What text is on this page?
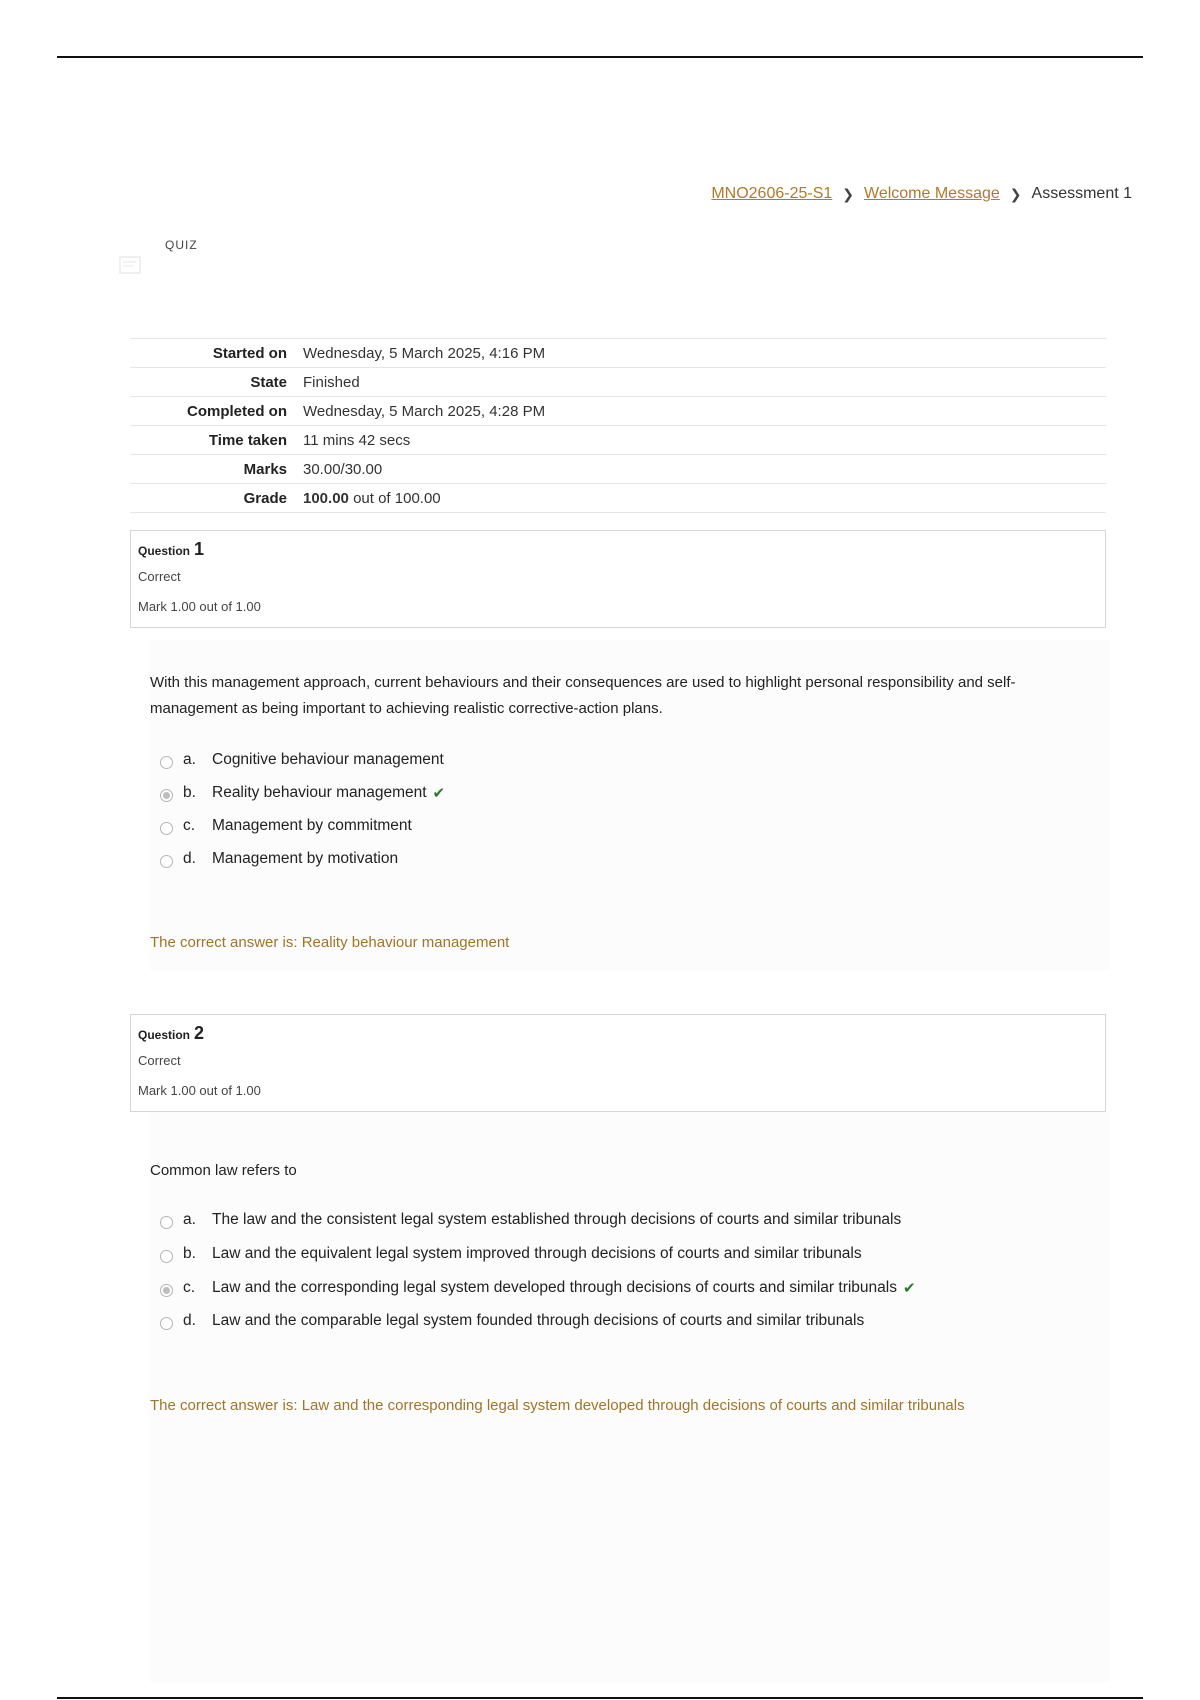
MNO2606-25-S1 ❯ Welcome Message ❯ Assessment 1
QUIZ
Started on	Wednesday, 5 March 2025, 4:16 PM
State	Finished
Completed on	Wednesday, 5 March 2025, 4:28 PM
Time taken	11 mins 42 secs
Marks	30.00/30.00
Grade	100.00 out of 100.00
Question 1
Correct
Mark 1.00 out of 1.00
With this management approach, current behaviours and their consequences are used to highlight personal responsibility and self-management as being important to achieving realistic corrective-action plans.
a.	Cognitive behaviour management
b.	Reality behaviour management ✔
c.	Management by commitment
d.	Management by motivation
The correct answer is: Reality behaviour management
Question 2
Correct
Mark 1.00 out of 1.00
Common law refers to
a.	The law and the consistent legal system established through decisions of courts and similar tribunals
b.	Law and the equivalent legal system improved through decisions of courts and similar tribunals
c.	Law and the corresponding legal system developed through decisions of courts and similar tribunals ✔
d.	Law and the comparable legal system founded through decisions of courts and similar tribunals
The correct answer is: Law and the corresponding legal system developed through decisions of courts and similar tribunals
